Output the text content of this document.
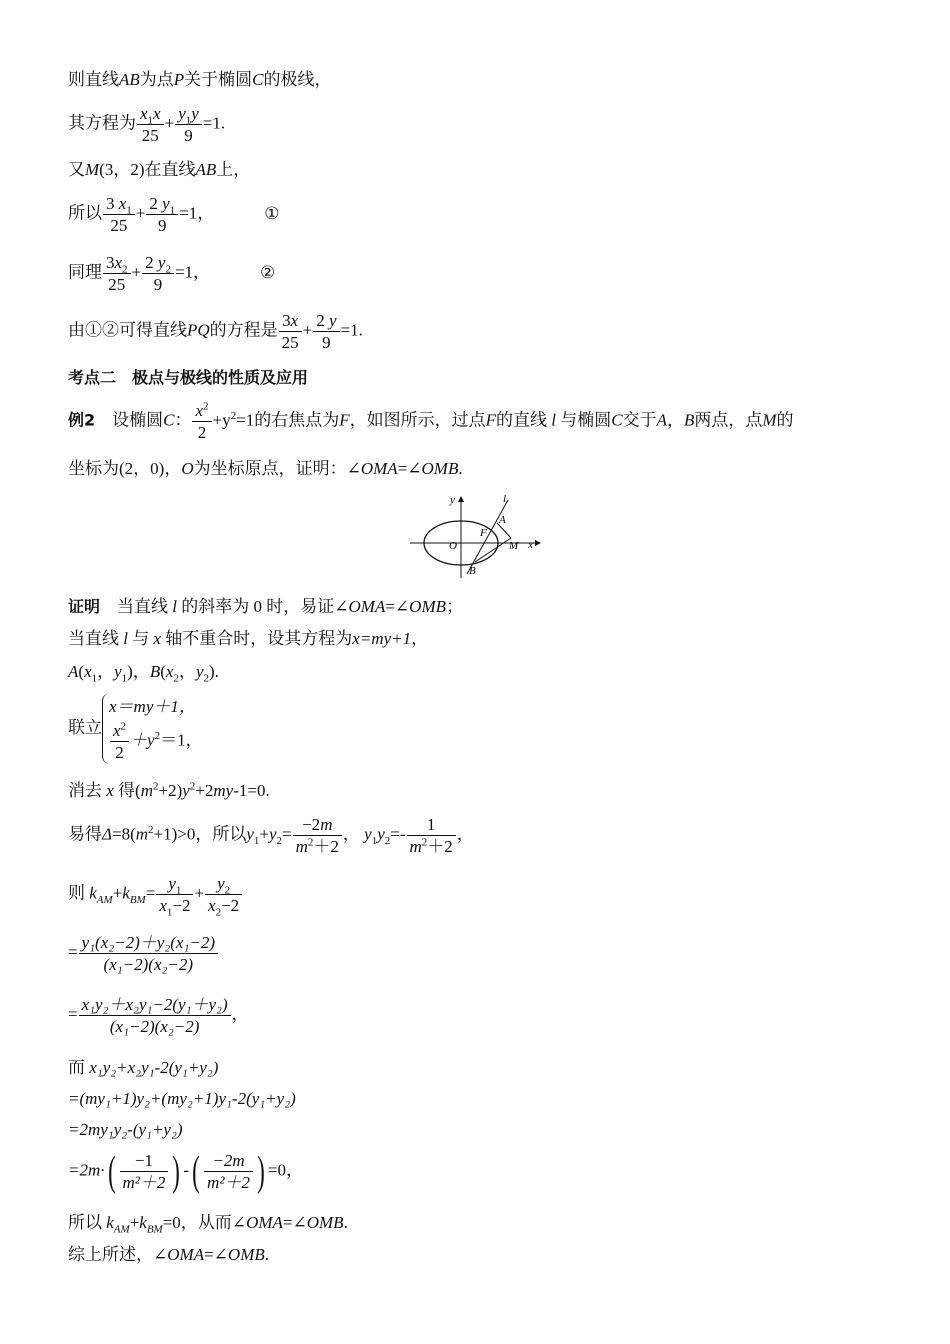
则直线AB为点P关于椭圆C的极线，
其方程为 $\frac{x_1x}{25} + \frac{y_1y}{9} =1$.
又M(3，2)在直线AB上，
所以 $\frac{3 x_1}{25} + \frac{2 y_1}{9} =1$，	①
同理 $\frac{3x_2}{25} + \frac{2 y_2}{9} =1$，	②
由①②可得直线PQ的方程是 $\frac{3x}{25} + \frac{2 y}{9} =1$.
考点二　极点与极线的性质及应用
例2　 设椭圆C： $\frac{x^2}{2} +y^2=1$的右焦点为F，如图所示，过点F的直线 l 与椭圆C交于A，B两点，点M的
坐标为(2，0)，O为坐标原点，证明：∠OMA=∠OMB.
y	l
A
F
O	M x
B
证明　 当直线 l 的斜率为 0 时，易证∠OMA=∠OMB；
当直线 l 与 x 轴不重合时，设其方程为x=my+1，
$A(x_1$，$y_1$)，$B(x_2$，$y_2$).
联立
x＝my＋1，
$\frac{x^2}{2} +y^2=1$，
消去 x 得$(m^2+2)y^2+2my-1=0$.
易得$\Delta=8(m^2+1)>0$，所以$y_1+y_2= \frac{-2m}{m^2+2}$ ， $y_1y_2=- \frac{1}{m^2+2}$ ，
则 $k_{AM}+k_{BM}= \frac{y_1}{x_1-2} + \frac{y_2}{x_2-2}$
= $\frac{\text{y₁(x₂−2)＋y₂(x₁−2)}}{\text{(x₁−2)(x₂−2)}}$
= $\frac{\text{x₁y₂＋x₂y₁−2(y₁＋y₂)}}{\text{(x₁−2)(x₂−2)}}$ ，
而 x₁y₂+x₂y₁-2(y₁+y₂)
=(my₁+1)y₂+(my₂+1)y₁-2(y₁+y₂)
=2my₁y₂-(y₁+y₂)
$=2m\cdot( \frac{-1}{\text{m²＋2}}$ ) -( $\frac{-2m}{\text{m²＋2}}$ ) =0，
所以 $k_{AM}+k_{BM}=0$，从而∠OMA=∠OMB.
综上所述，∠OMA=∠OMB.
